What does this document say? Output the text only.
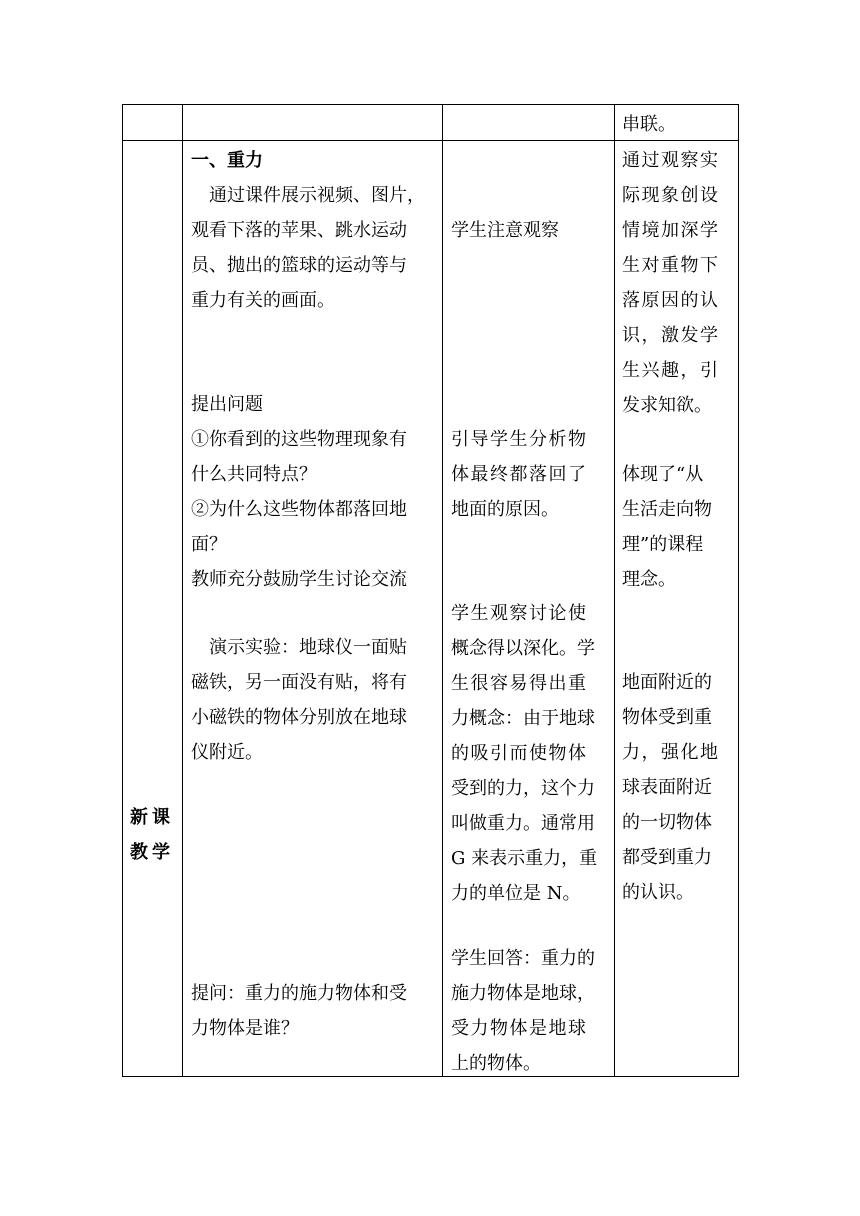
串联。
新课
教学
一、重力
　通过课件展示视频、图片，
观看下落的苹果、跳水运动
员、抛出的篮球的运动等与
重力有关的画面。
提出问题
①你看到的这些物理现象有
什么共同特点？
②为什么这些物体都落回地
面？
教师充分鼓励学生讨论交流
　演示实验：地球仪一面贴
磁铁，另一面没有贴，将有
小磁铁的物体分别放在地球
仪附近。
提问：重力的施力物体和受
力物体是谁？
学生注意观察
引导学生分析物
体最终都落回了
地面的原因。
学生观察讨论使
概念得以深化。学
生很容易得出重
力概念：由于地球
的吸引而使物体
受到的力，这个力
叫做重力。通常用
G 来表示重力，重
力的单位是 N。
学生回答：重力的
施力物体是地球，
受力物体是地球
上的物体。
通过观察实
际现象创设
情境加深学
生对重物下
落原因的认
识，激发学
生兴趣，引
发求知欲。
体现了“从
生活走向物
理”的课程
理念。
地面附近的
物体受到重
力，强化地
球表面附近
的一切物体
都受到重力
的认识。
